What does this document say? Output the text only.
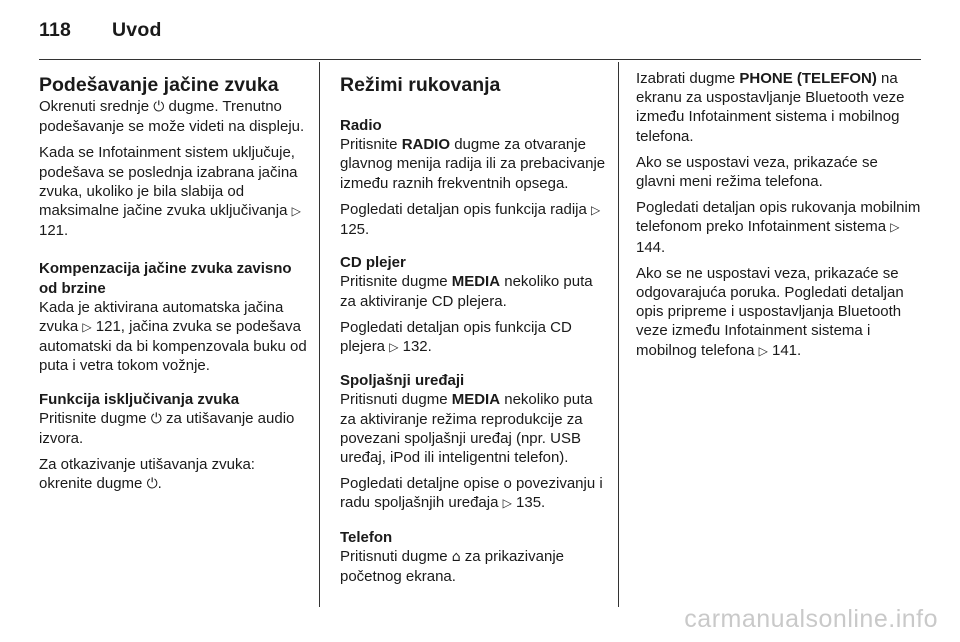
118 Uvod
Podešavanje jačine zvuka

Okrenuti srednje ⏻ dugme. Trenutno podešavanje se može videti na displeju.

Kada se Infotainment sistem uključuje, podešava se poslednja izabrana jačina zvuka, ukoliko je bila slabija od maksimalne jačine zvuka uključivanja ▷ 121.

Kompenzacija jačine zvuka zavisno od brzine

Kada je aktivirana automatska jačina zvuka ▷ 121, jačina zvuka se podešava automatski da bi kompenzovala buku od puta i vetra tokom vožnje.

Funkcija isključivanja zvuka

Pritisnite dugme ⏻ za utišavanje audio izvora.

Za otkazivanje utišavanja zvuka: okrenite dugme ⏻.

Režimi rukovanja
Radio

Pritisnite RADIO dugme za otvaranje glavnog menija radija ili za prebacivanje između raznih frekventnih opsega.

Pogledati detaljan opis funkcija radija ▷ 125.

CD plejer

Pritisnite dugme MEDIA nekoliko puta za aktiviranje CD plejera.

Pogledati detaljan opis funkcija CD plejera ▷ 132.

Spoljašnji uređaji

Pritisnuti dugme MEDIA nekoliko puta za aktiviranje režima reprodukcije za povezani spoljašnji uređaj (npr. USB uređaj, iPod ili inteligentni telefon).

Pogledati detaljne opise o povezivanju i radu spoljašnjih uređaja ▷ 135.

Telefon

Pritisnuti dugme ⌂ za prikazivanje početnog ekrana.

Izabrati dugme PHONE (TELEFON) na ekranu za uspostavljanje Bluetooth veze između Infotainment sistema i mobilnog telefona.

Ako se uspostavi veza, prikazaće se glavni meni režima telefona.

Pogledati detaljan opis rukovanja mobilnim telefonom preko Infotainment sistema ▷ 144.

Ako se ne uspostavi veza, prikazaće se odgovarajuća poruka. Pogledati detaljan opis pripreme i uspostavljanja Bluetooth veze između Infotainment sistema i mobilnog telefona ▷ 141.

carmanualsonline.info
